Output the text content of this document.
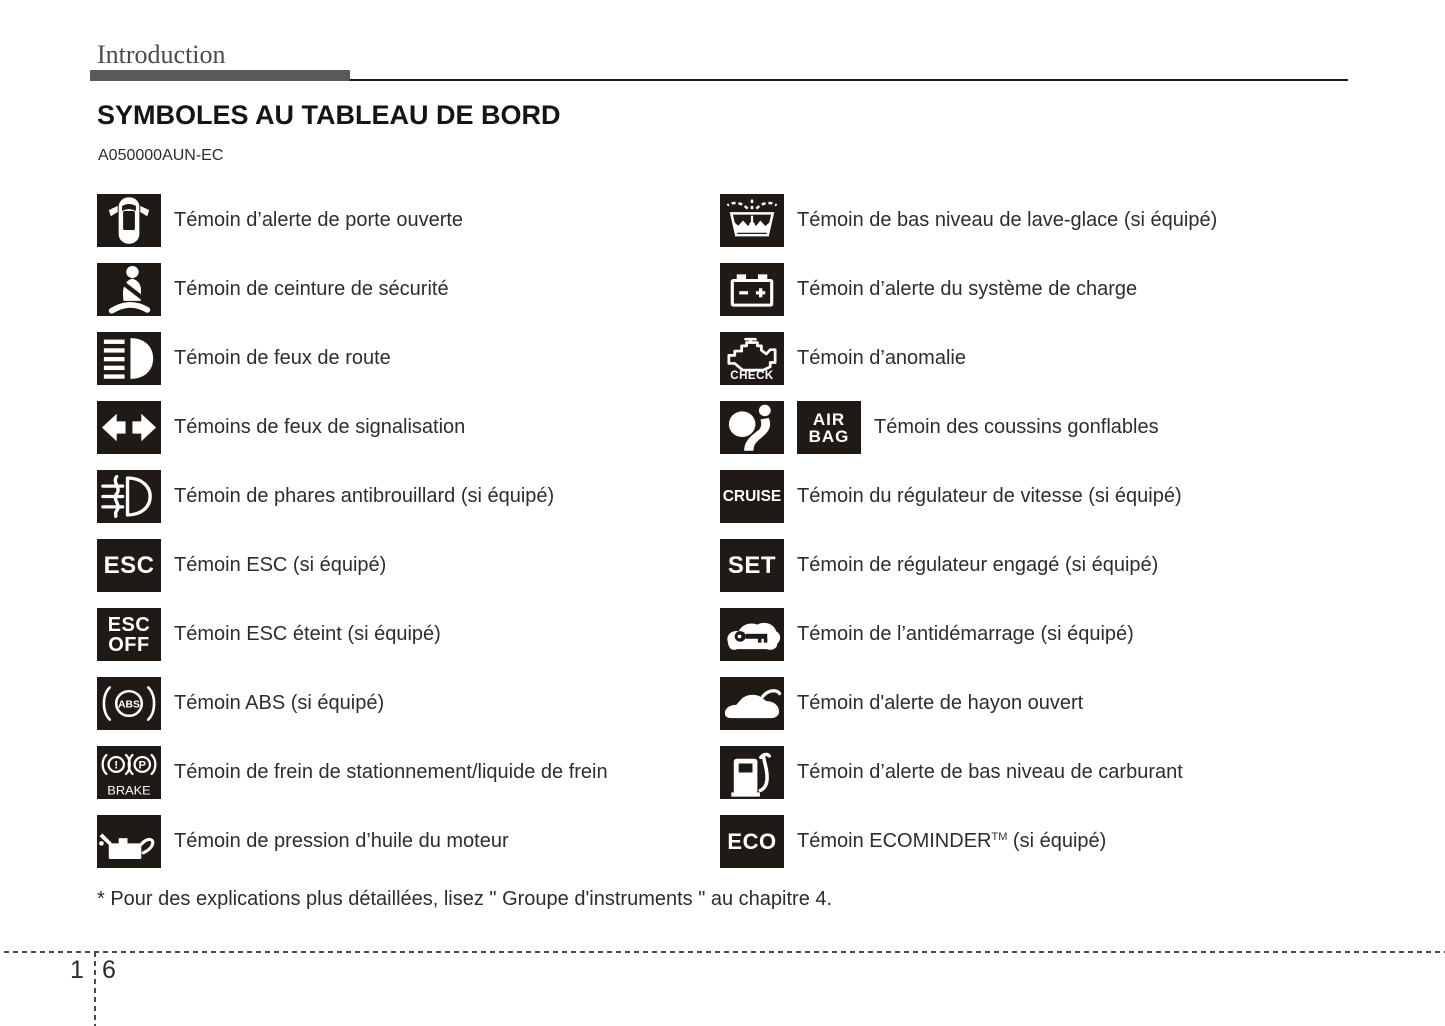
Introduction
SYMBOLES AU TABLEAU DE BORD
A050000AUN-EC
Témoin d’alerte de porte ouverte
Témoin de ceinture de sécurité
Témoin de feux de route
Témoins de feux de signalisation
Témoin de phares antibrouillard (si équipé)
ESC Témoin ESC (si équipé)
ESC
OFF Témoin ESC éteint (si équipé)
ABS Témoin ABS (si équipé)
! P
BRAKE
Témoin de frein de stationnement/liquide de frein
Témoin de pression d’huile du moteur
Témoin de bas niveau de lave-glace (si équipé)
Témoin d’alerte du système de charge
CHECK
Témoin d’anomalie
AIR
BAG Témoin des coussins gonflables
CRUISE Témoin du régulateur de vitesse (si équipé)
SET Témoin de régulateur engagé (si équipé)
Témoin de l’antidémarrage (si équipé)
Témoin d'alerte de hayon ouvert
Témoin d’alerte de bas niveau de carburant
ECO Témoin ECOMINDER™ (si équipé)
* Pour des explications plus détaillées, lisez " Groupe d'instruments " au chapitre 4.
1 6
